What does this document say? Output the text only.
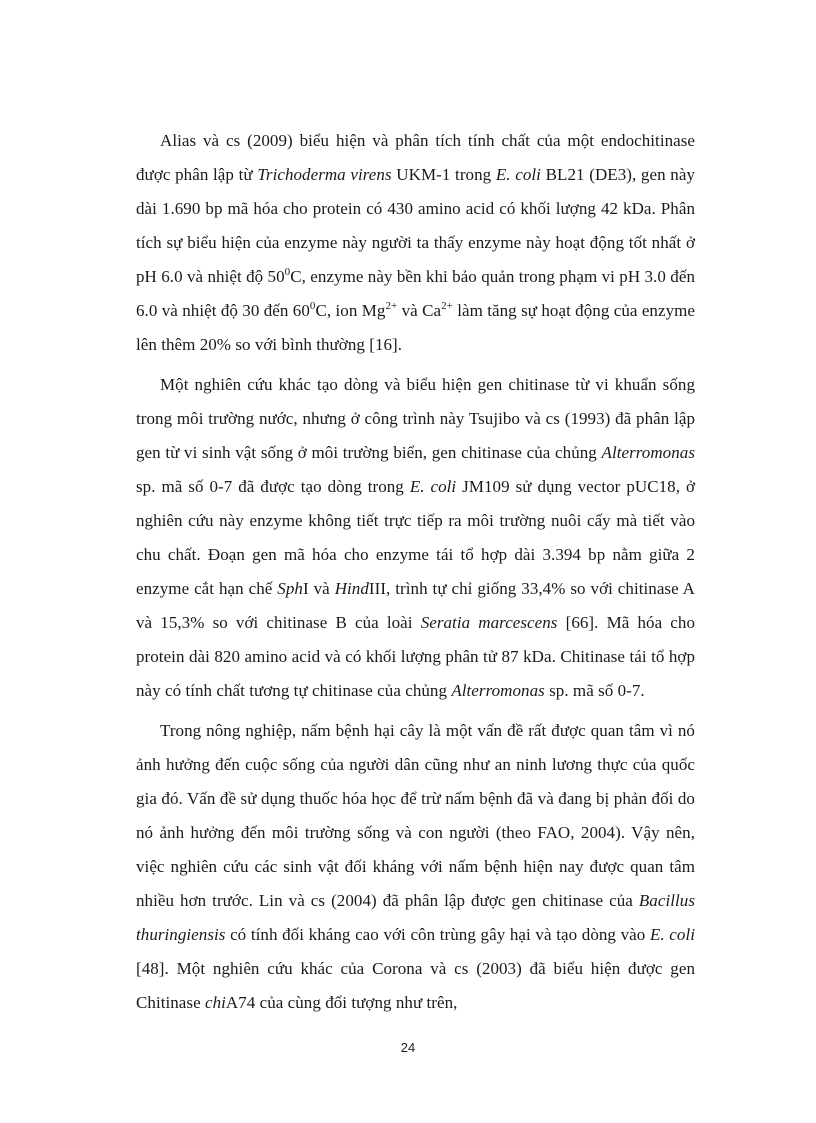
Alias và cs (2009) biểu hiện và phân tích tính chất của một endochitinase được phân lập từ Trichoderma virens UKM-1 trong E. coli BL21 (DE3), gen này dài 1.690 bp mã hóa cho protein có 430 amino acid có khối lượng 42 kDa. Phân tích sự biểu hiện của enzyme này người ta thấy enzyme này hoạt động tốt nhất ở pH 6.0 và nhiệt độ $50^0C$, enzyme này bền khi bảo quản trong phạm vi pH 3.0 đến 6.0 và nhiệt độ 30 đến $60^0C$, ion $Mg^{2+}$ và $Ca^{2+}$ làm tăng sự hoạt động của enzyme lên thêm 20% so với bình thường [16].

Một nghiên cứu khác tạo dòng và biểu hiện gen chitinase từ vi khuẩn sống trong môi trường nước, nhưng ở công trình này Tsujibo và cs (1993) đã phân lập gen từ vi sinh vật sống ở môi trường biển, gen chitinase của chủng Alterromonas sp. mã số 0-7 đã được tạo dòng trong E. coli JM109 sử dụng vector pUC18, ở nghiên cứu này enzyme không tiết trực tiếp ra môi trường nuôi cấy mà tiết vào chu chất. Đoạn gen mã hóa cho enzyme tái tổ hợp dài 3.394 bp nằm giữa 2 enzyme cắt hạn chế SphI và HindIII, trình tự chỉ giống 33,4% so với chitinase A và 15,3% so với chitinase B của loài Seratia marcescens [66]. Mã hóa cho protein dài 820 amino acid và có khối lượng phân tử 87 kDa. Chitinase tái tổ hợp này có tính chất tương tự chitinase của chủng Alterromonas sp. mã số 0-7.

Trong nông nghiệp, nấm bệnh hại cây là một vấn đề rất được quan tâm vì nó ảnh hưởng đến cuộc sống của người dân cũng như an ninh lương thực của quốc gia đó. Vấn đề sử dụng thuốc hóa học để trừ nấm bệnh đã và đang bị phản đối do nó ảnh hưởng đến môi trường sống và con người (theo FAO, 2004). Vậy nên, việc nghiên cứu các sinh vật đối kháng với nấm bệnh hiện nay được quan tâm nhiều hơn trước. Lin và cs (2004) đã phân lập được gen chitinase của Bacillus thuringiensis có tính đối kháng cao với côn trùng gây hại và tạo dòng vào E. coli [48]. Một nghiên cứu khác của Corona và cs (2003) đã biểu hiện được gen Chitinase chiA74 của cùng đối tượng như trên,

24
